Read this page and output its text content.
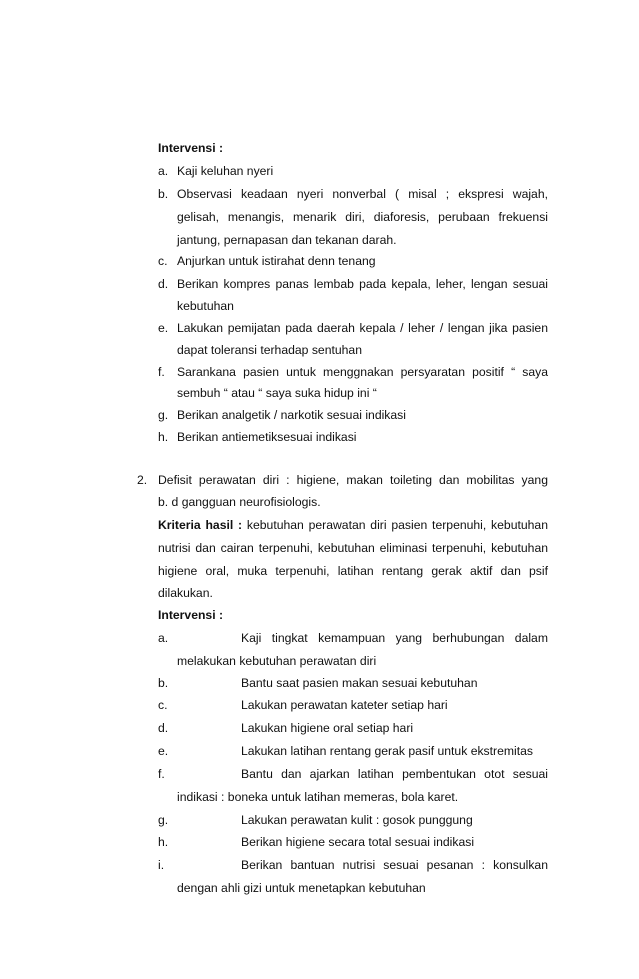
Intervensi :
a. Kaji keluhan nyeri
b. Observasi keadaan nyeri nonverbal ( misal ; ekspresi wajah,
gelisah, menangis, menarik diri, diaforesis, perubaan frekuensi
jantung, pernapasan dan tekanan darah.
c. Anjurkan untuk istirahat denn tenang
d. Berikan kompres panas lembab pada kepala, leher, lengan sesuai
kebutuhan
e. Lakukan pemijatan pada daerah kepala / leher / lengan jika pasien
dapat toleransi terhadap sentuhan
f. Sarankana pasien untuk menggnakan persyaratan positif “ saya
sembuh “ atau “ saya suka hidup ini “
g. Berikan analgetik / narkotik sesuai indikasi
h. Berikan antiemetiksesuai indikasi
2. Defisit perawatan diri : higiene, makan toileting dan mobilitas yang
b. d gangguan neurofisiologis.
Kriteria hasil : kebutuhan perawatan diri pasien terpenuhi, kebutuhan
nutrisi dan cairan terpenuhi, kebutuhan eliminasi terpenuhi, kebutuhan
higiene oral, muka terpenuhi, latihan rentang gerak aktif dan psif
dilakukan.
Intervensi :
a.	Kaji tingkat kemampuan yang berhubungan dalam
melakukan kebutuhan perawatan diri
b.	Bantu saat pasien makan sesuai kebutuhan
c.	Lakukan perawatan kateter setiap hari
d.	Lakukan higiene oral setiap hari
e.	Lakukan latihan rentang gerak pasif untuk ekstremitas
f.	Bantu dan ajarkan latihan pembentukan otot sesuai
indikasi : boneka untuk latihan memeras, bola karet.
g.	Lakukan perawatan kulit : gosok punggung
h.	Berikan higiene secara total sesuai indikasi
i.	Berikan bantuan nutrisi sesuai pesanan : konsulkan
dengan ahli gizi untuk menetapkan kebutuhan
